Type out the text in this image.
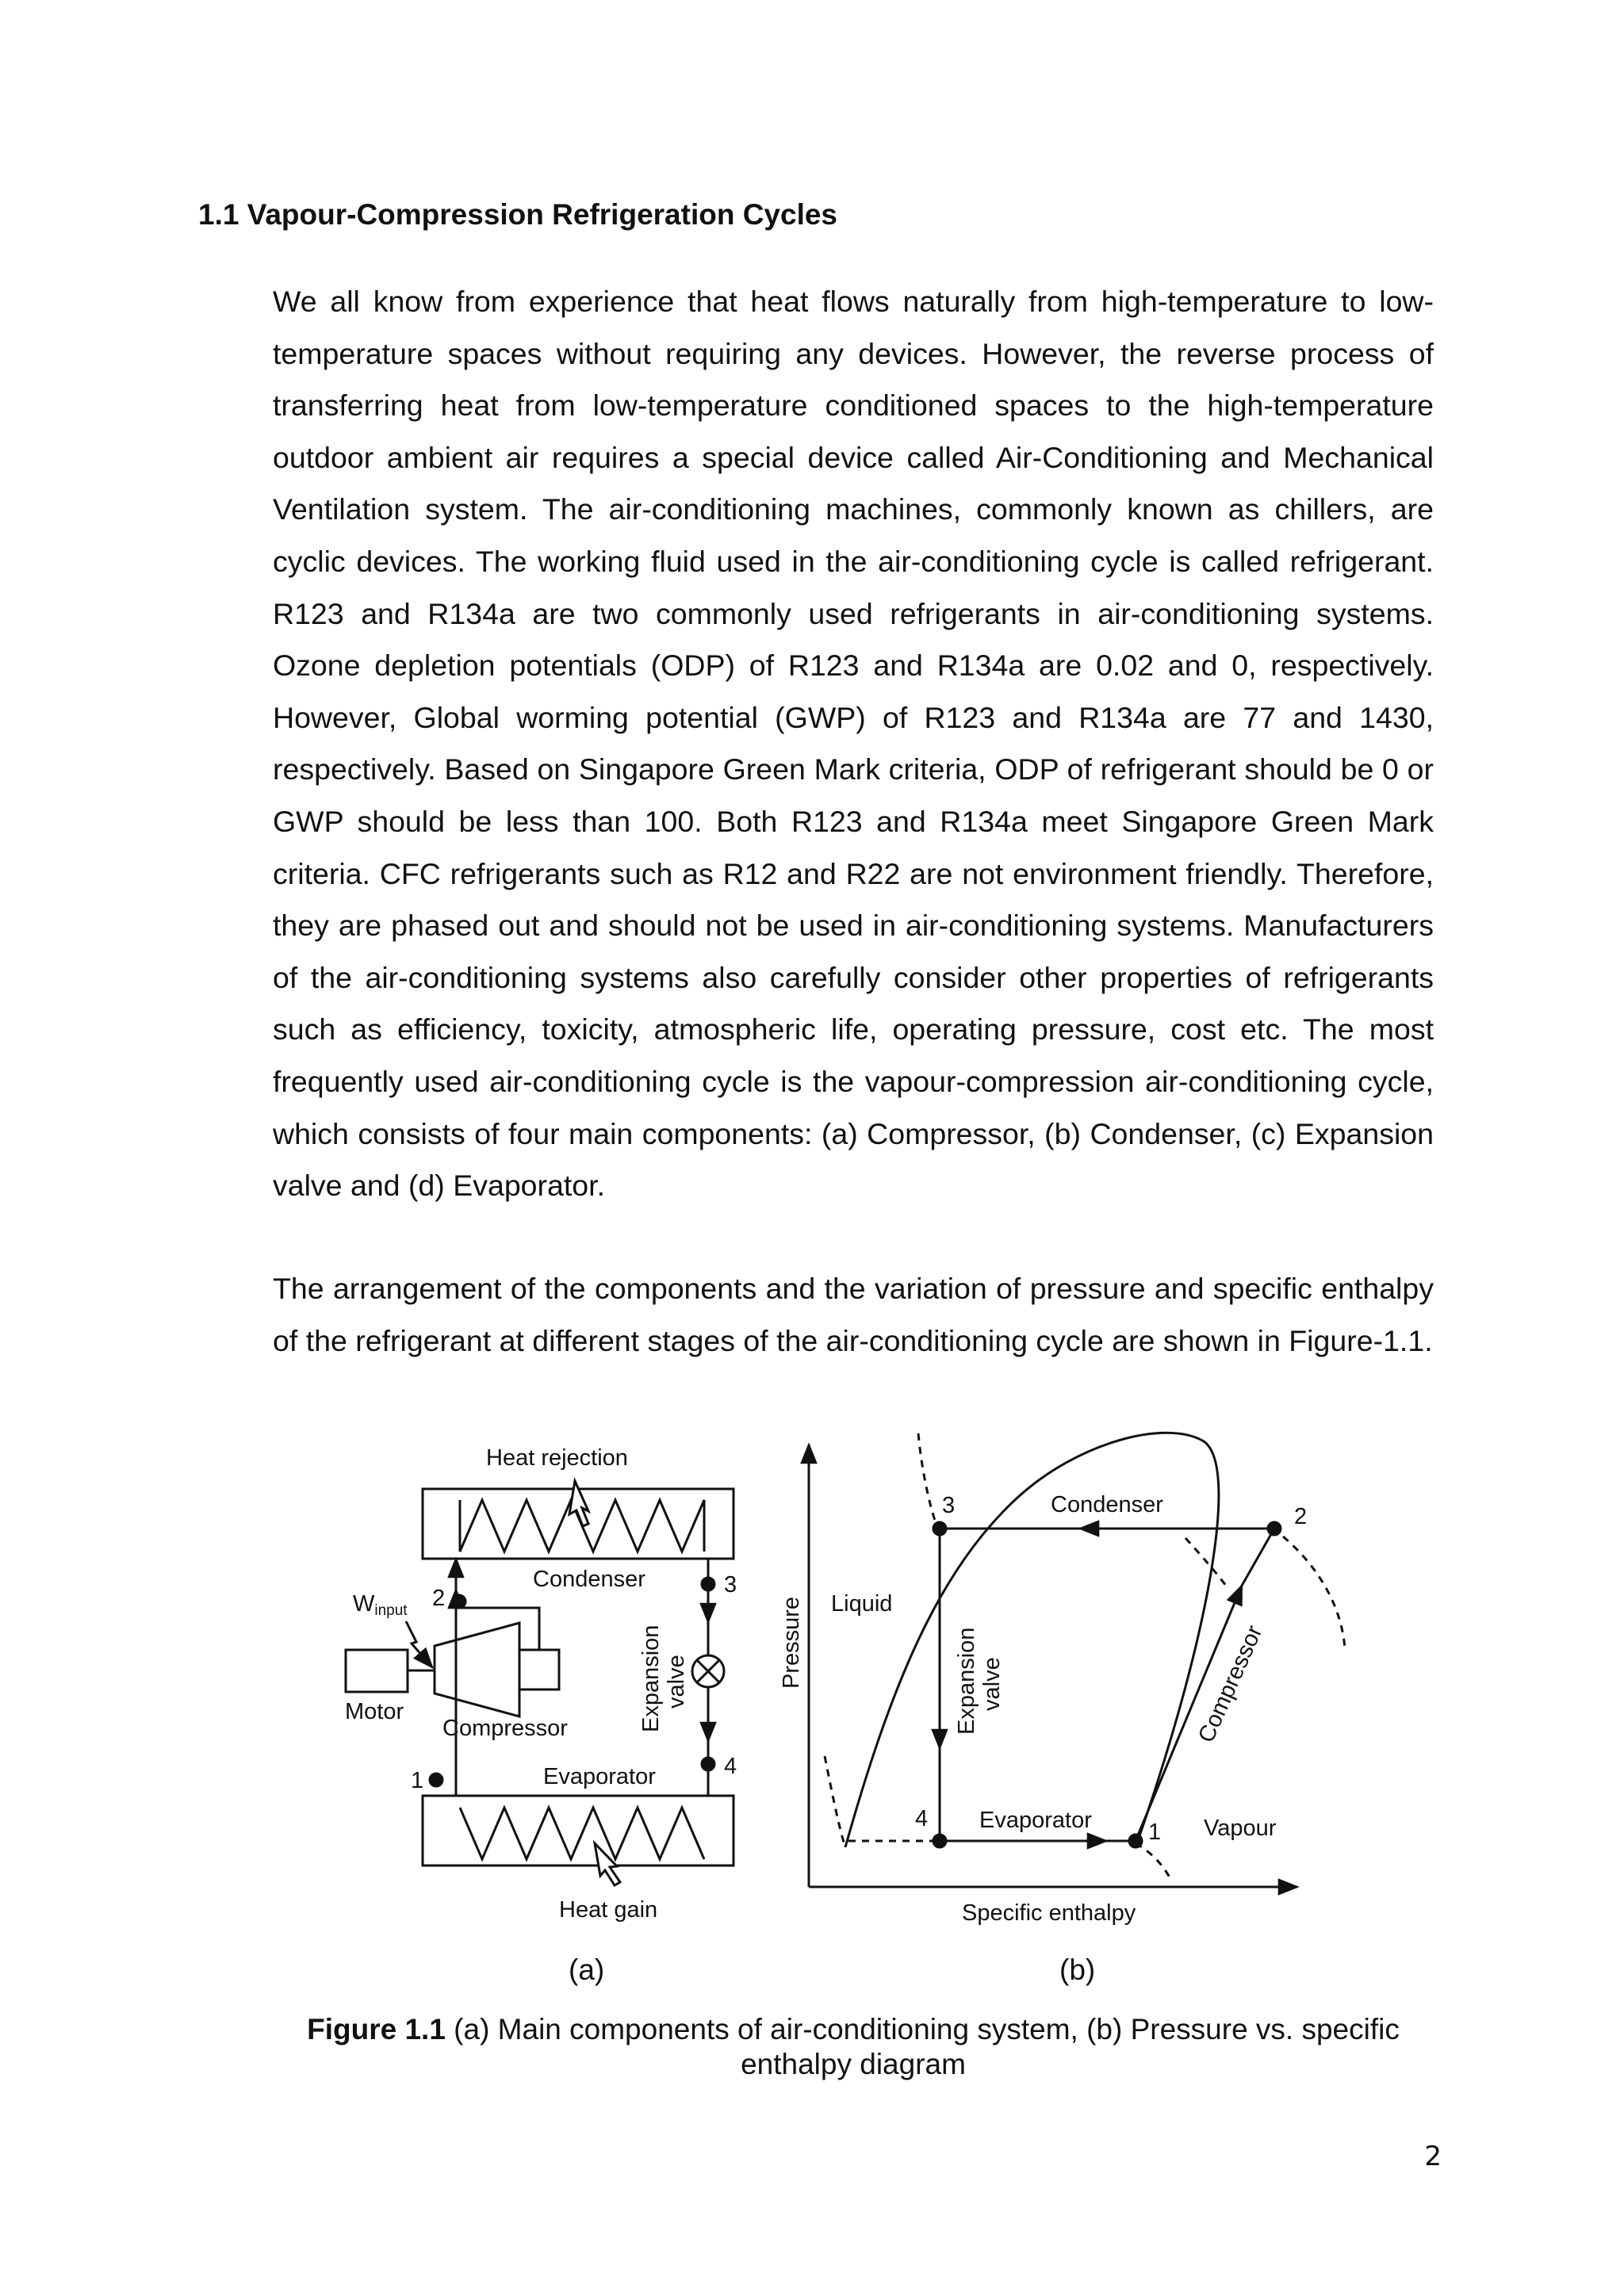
1.1 Vapour-Compression Refrigeration Cycles

We all know from experience that heat flows naturally from high-temperature to low-temperature spaces without requiring any devices. However, the reverse process of transferring heat from low-temperature conditioned spaces to the high-temperature outdoor ambient air requires a special device called Air-Conditioning and Mechanical Ventilation system. The air-conditioning machines, commonly known as chillers, are cyclic devices. The working fluid used in the air-conditioning cycle is called refrigerant. R123 and R134a are two commonly used refrigerants in air-conditioning systems. Ozone depletion potentials (ODP) of R123 and R134a are 0.02 and 0, respectively. However, Global worming potential (GWP) of R123 and R134a are 77 and 1430, respectively. Based on Singapore Green Mark criteria, ODP of refrigerant should be 0 or GWP should be less than 100. Both R123 and R134a meet Singapore Green Mark criteria. CFC refrigerants such as R12 and R22 are not environment friendly. Therefore, they are phased out and should not be used in air-conditioning systems. Manufacturers of the air-conditioning systems also carefully consider other properties of refrigerants such as efficiency, toxicity, atmospheric life, operating pressure, cost etc. The most frequently used air-conditioning cycle is the vapour-compression air-conditioning cycle, which consists of four main components: (a) Compressor, (b) Condenser, (c) Expansion valve and (d) Evaporator.

The arrangement of the components and the variation of pressure and specific enthalpy of the refrigerant at different stages of the air-conditioning cycle are shown in Figure-1.1.

Heat rejection
Condenser
Winput
Motor
Compressor
Evaporator
Heat gain
Expansionvalve
1
2
3
4
(a)
Pressure
Specific enthalpy
Liquid
Vapour
Condenser
Evaporator
Compressor
Expansionvalve
1
2
3
4
(b)

Figure 1.1 (a) Main components of air-conditioning system, (b) Pressure vs. specific enthalpy diagram

2
